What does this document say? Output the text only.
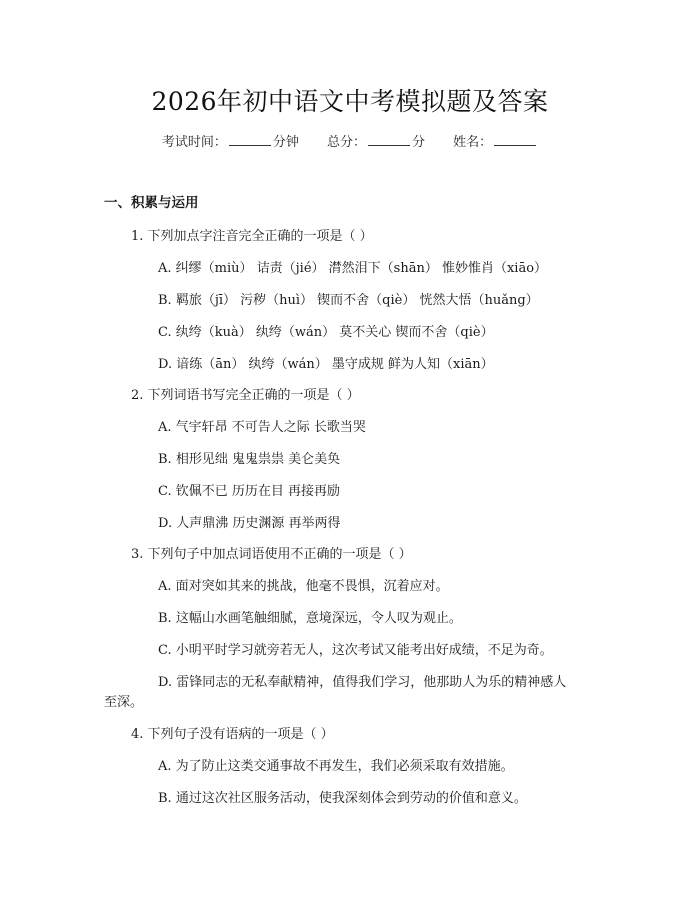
2026年初中语文中考模拟题及答案
考试时间：	分钟 总分：	分 姓名：
一、积累与运用
1. 下列加点字注音完全正确的一项是（ ）
A. 纠缪（miù） 诘责（jié） 潸然泪下（shān） 惟妙惟肖（xiāo）
B. 羁旅（jī） 污秽（huì） 锲而不舍（qiè） 恍然大悟（huǎng）
C. 纨绔（kuà） 纨绔（wán） 莫不关心 锲而不舍（qiè）
D. 谙练（ān） 纨绔（wán） 墨守成规 鲜为人知（xiān）
2. 下列词语书写完全正确的一项是（ ）
A. 气宇轩昂 不可告人之际 长歌当哭
B. 相形见绌 鬼鬼祟祟 美仑美奂
C. 钦佩不已 历历在目 再接再励
D. 人声鼎沸 历史渊源 再举两得
3. 下列句子中加点词语使用不正确的一项是（ ）
A. 面对突如其来的挑战，他毫不畏惧，沉着应对。
B. 这幅山水画笔触细腻，意境深远，令人叹为观止。
C. 小明平时学习就旁若无人，这次考试又能考出好成绩，不足为奇。
D. 雷锋同志的无私奉献精神，值得我们学习，他那助人为乐的精神感人
至深。
4. 下列句子没有语病的一项是（ ）
A. 为了防止这类交通事故不再发生，我们必须采取有效措施。
B. 通过这次社区服务活动，使我深刻体会到劳动的价值和意义。
